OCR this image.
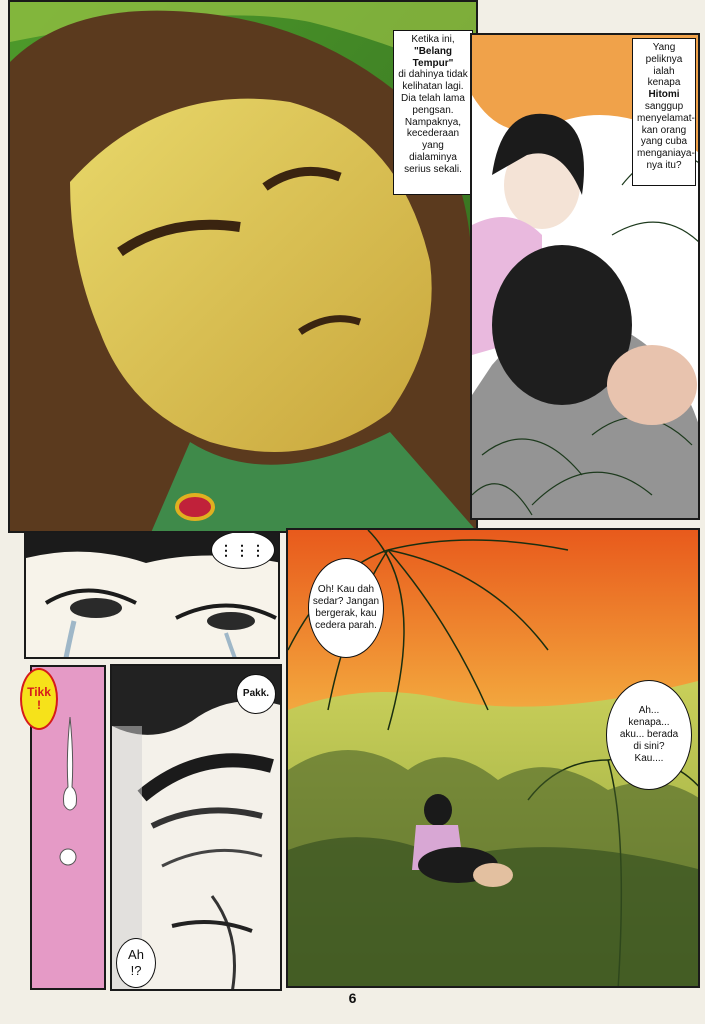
Ketika ini,
"Belang Tempur"
di dahinya tidak kelihatan lagi. Dia telah lama pengsan. Nampaknya, kecederaan yang dialaminya serius sekali.
Yang peliknya ialah kenapa
Hitomi
sanggup menyelamat-kan orang yang cuba menganiaya-nya itu?
⋮⋮⋮
Tikk
!
Pakk.
Ah
!?
Oh! Kau dah sedar? Jangan bergerak, kau cedera parah.
Ah...
kenapa...
aku... berada
di sini?
Kau....
6
